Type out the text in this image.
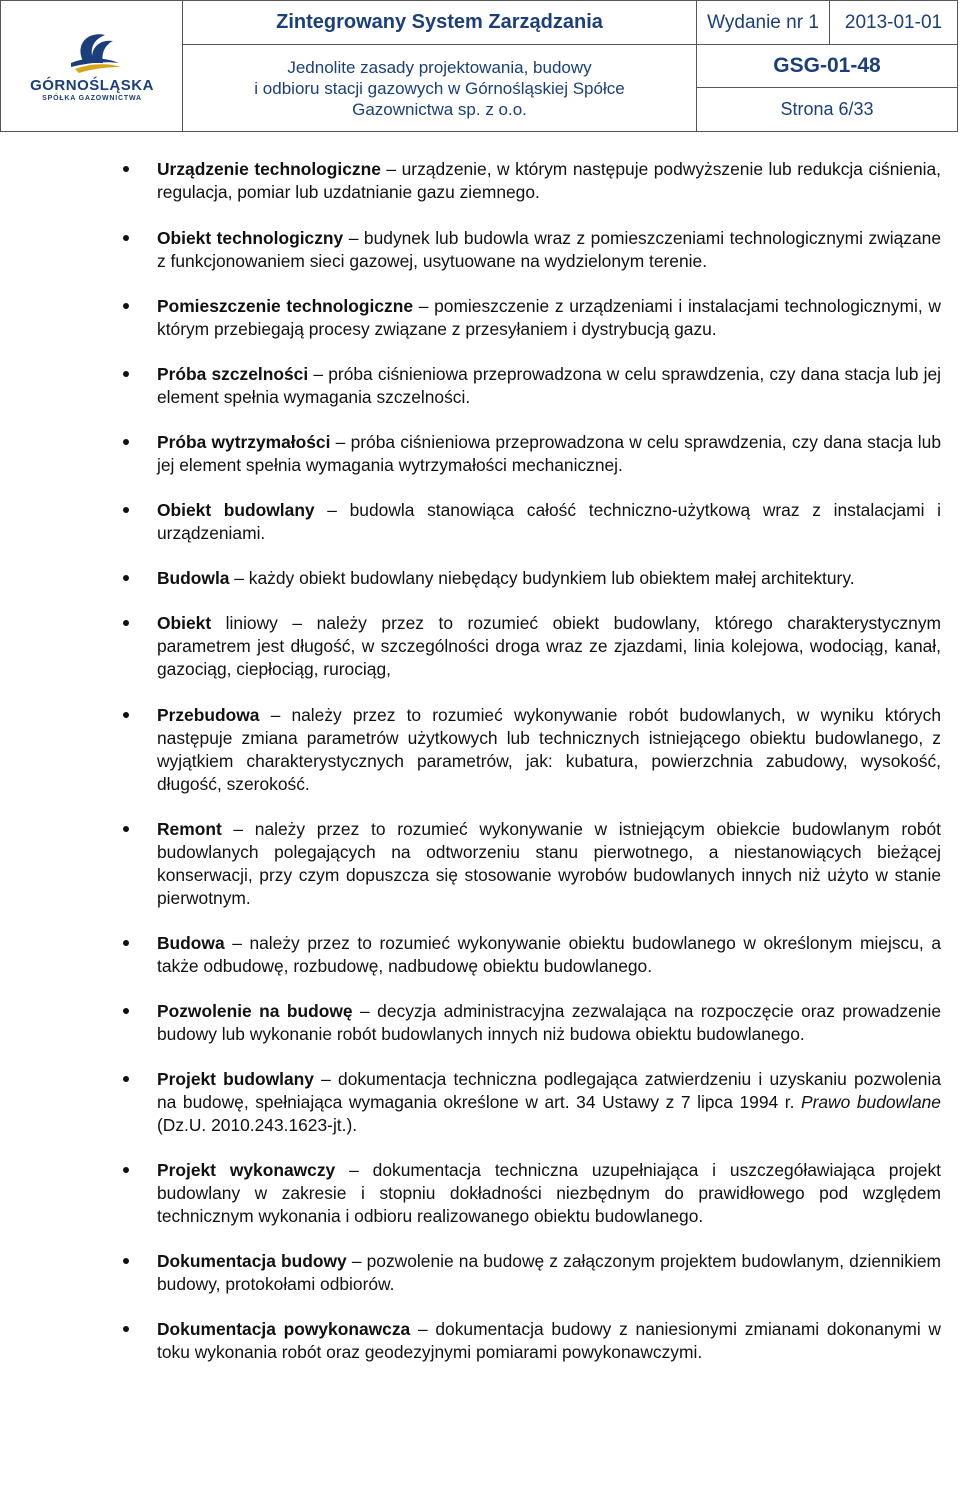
GÓRNOŚLĄSKA
SPÓŁKA GAZOWNICTWA
Zintegrowany System Zarządzania	Wydanie nr 1	2013-01-01
Jednolite zasady projektowania, budowy
i odbioru stacji gazowych w Górnośląskiej Spółce
Gazownictwa sp. z o.o.
GSG-01-48
Strona 6/33
Urządzenie technologiczne – urządzenie, w którym następuje podwyższenie lub redukcja ciśnienia, regulacja, pomiar lub uzdatnianie gazu ziemnego.
Obiekt technologiczny – budynek lub budowla wraz z pomieszczeniami technologicznymi związane z funkcjonowaniem sieci gazowej, usytuowane na wydzielonym terenie.
Pomieszczenie technologiczne – pomieszczenie z urządzeniami i instalacjami technologicznymi, w którym przebiegają procesy związane z przesyłaniem i dystrybucją gazu.
Próba szczelności – próba ciśnieniowa przeprowadzona w celu sprawdzenia, czy dana stacja lub jej element spełnia wymagania szczelności.
Próba wytrzymałości – próba ciśnieniowa przeprowadzona w celu sprawdzenia, czy dana stacja lub jej element spełnia wymagania wytrzymałości mechanicznej.
Obiekt budowlany – budowla stanowiąca całość techniczno-użytkową wraz z instalacjami i urządzeniami.
Budowla – każdy obiekt budowlany niebędący budynkiem lub obiektem małej architektury.
Obiekt liniowy – należy przez to rozumieć obiekt budowlany, którego charakterystycznym parametrem jest długość, w szczególności droga wraz ze zjazdami, linia kolejowa, wodociąg, kanał, gazociąg, ciepłociąg, rurociąg,
Przebudowa – należy przez to rozumieć wykonywanie robót budowlanych, w wyniku których następuje zmiana parametrów użytkowych lub technicznych istniejącego obiektu budowlanego, z wyjątkiem charakterystycznych parametrów, jak: kubatura, powierzchnia zabudowy, wysokość, długość, szerokość.
Remont – należy przez to rozumieć wykonywanie w istniejącym obiekcie budowlanym robót budowlanych polegających na odtworzeniu stanu pierwotnego, a niestanowiących bieżącej konserwacji, przy czym dopuszcza się stosowanie wyrobów budowlanych innych niż użyto w stanie pierwotnym.
Budowa – należy przez to rozumieć wykonywanie obiektu budowlanego w określonym miejscu, a także odbudowę, rozbudowę, nadbudowę obiektu budowlanego.
Pozwolenie na budowę – decyzja administracyjna zezwalająca na rozpoczęcie oraz prowadzenie budowy lub wykonanie robót budowlanych innych niż budowa obiektu budowlanego.
Projekt budowlany – dokumentacja techniczna podlegająca zatwierdzeniu i uzyskaniu pozwolenia na budowę, spełniająca wymagania określone w art. 34 Ustawy z 7 lipca 1994 r. Prawo budowlane (Dz.U. 2010.243.1623-jt.).
Projekt wykonawczy – dokumentacja techniczna uzupełniająca i uszczegóławiająca projekt budowlany w zakresie i stopniu dokładności niezbędnym do prawidłowego pod względem technicznym wykonania i odbioru realizowanego obiektu budowlanego.
Dokumentacja budowy – pozwolenie na budowę z załączonym projektem budowlanym, dziennikiem budowy, protokołami odbiorów.
Dokumentacja powykonawcza – dokumentacja budowy z naniesionymi zmianami dokonanymi w toku wykonania robót oraz geodezyjnymi pomiarami powykonawczymi.
